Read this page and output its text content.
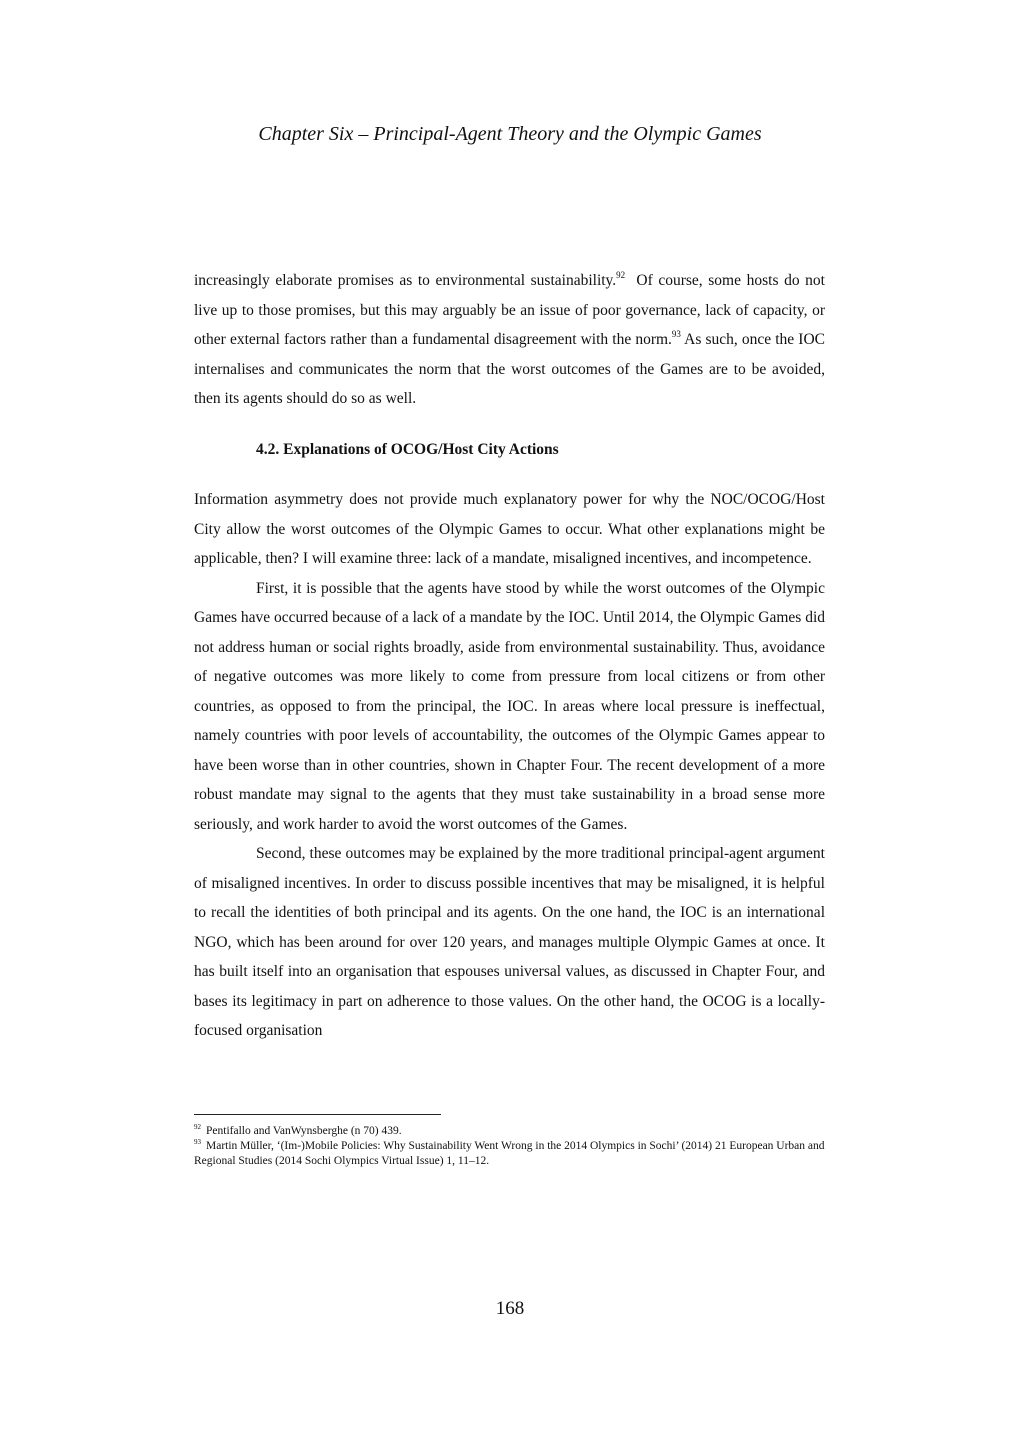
Chapter Six – Principal-Agent Theory and the Olympic Games

increasingly elaborate promises as to environmental sustainability.$^{92}$  Of course, some hosts do not live up to those promises, but this may arguably be an issue of poor governance, lack of capacity, or other external factors rather than a fundamental disagreement with the norm.$^{93}$ As such, once the IOC internalises and communicates the norm that the worst outcomes of the Games are to be avoided, then its agents should do so as well.

4.2. Explanations of OCOG/Host City Actions

Information asymmetry does not provide much explanatory power for why the NOC/OCOG/Host City allow the worst outcomes of the Olympic Games to occur. What other explanations might be applicable, then? I will examine three: lack of a mandate, misaligned incentives, and incompetence.

First, it is possible that the agents have stood by while the worst outcomes of the Olympic Games have occurred because of a lack of a mandate by the IOC. Until 2014, the Olympic Games did not address human or social rights broadly, aside from environmental sustainability. Thus, avoidance of negative outcomes was more likely to come from pressure from local citizens or from other countries, as opposed to from the principal, the IOC. In areas where local pressure is ineffectual, namely countries with poor levels of accountability, the outcomes of the Olympic Games appear to have been worse than in other countries, shown in Chapter Four. The recent development of a more robust mandate may signal to the agents that they must take sustainability in a broad sense more seriously, and work harder to avoid the worst outcomes of the Games.

Second, these outcomes may be explained by the more traditional principal-agent argument of misaligned incentives. In order to discuss possible incentives that may be misaligned, it is helpful to recall the identities of both principal and its agents. On the one hand, the IOC is an international NGO, which has been around for over 120 years, and manages multiple Olympic Games at once. It has built itself into an organisation that espouses universal values, as discussed in Chapter Four, and bases its legitimacy in part on adherence to those values. On the other hand, the OCOG is a locally-focused organisation

$^{92}$ Pentifallo and VanWynsberghe (n 70) 439.

$^{93}$ Martin Müller, ‘(Im-)Mobile Policies: Why Sustainability Went Wrong in the 2014 Olympics in Sochi’ (2014) 21 European Urban and Regional Studies (2014 Sochi Olympics Virtual Issue) 1, 11–12.

168
